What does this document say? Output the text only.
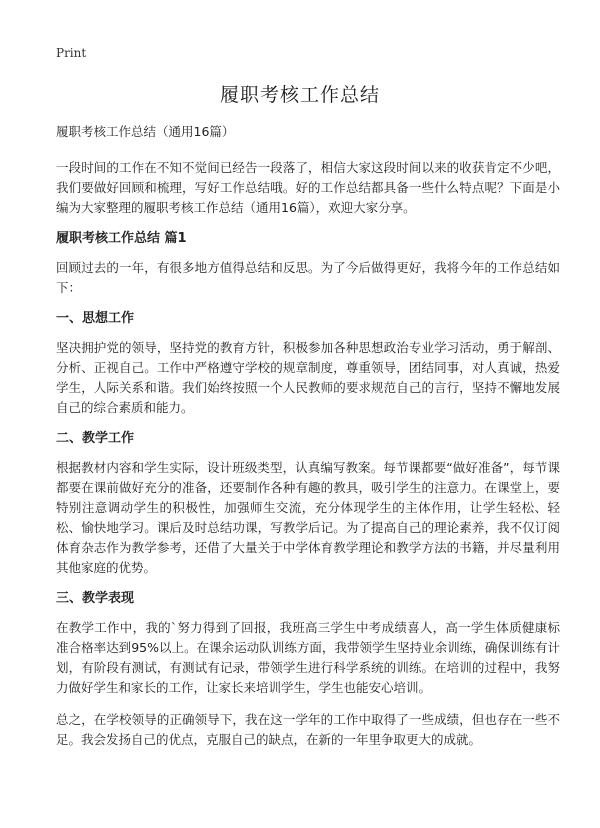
Print
履职考核工作总结
履职考核工作总结（通用16篇）

一段时间的工作在不知不觉间已经告一段落了，相信大家这段时间以来的收获肯定不少吧，我们要做好回顾和梳理，写好工作总结哦。好的工作总结都具备一些什么特点呢？下面是小编为大家整理的履职考核工作总结（通用16篇），欢迎大家分享。

履职考核工作总结 篇1

回顾过去的一年，有很多地方值得总结和反思。为了今后做得更好，我将今年的工作总结如下：

一、思想工作

坚决拥护党的领导，坚持党的教育方针，积极参加各种思想政治专业学习活动，勇于解剖、分析、正视自己。工作中严格遵守学校的规章制度，尊重领导，团结同事，对人真诚，热爱学生，人际关系和谐。我们始终按照一个人民教师的要求规范自己的言行，坚持不懈地发展自己的综合素质和能力。

二、教学工作

根据教材内容和学生实际，设计班级类型，认真编写教案。每节课都要“做好准备”，每节课都要在课前做好充分的准备，还要制作各种有趣的教具，吸引学生的注意力。在课堂上，要特别注意调动学生的积极性，加强师生交流，充分体现学生的主体作用，让学生轻松、轻松、愉快地学习。课后及时总结功课，写教学后记。为了提高自己的理论素养，我不仅订阅体育杂志作为教学参考，还借了大量关于中学体育教学理论和教学方法的书籍，并尽量利用其他家庭的优势。

三、教学表现

在教学工作中，我的`努力得到了回报，我班高三学生中考成绩喜人，高一学生体质健康标准合格率达到95%以上。在课余运动队训练方面，我带领学生坚持业余训练，确保训练有计划，有阶段有测试，有测试有记录，带领学生进行科学系统的训练。在培训的过程中，我努力做好学生和家长的工作，让家长来培训学生，学生也能安心培训。

总之，在学校领导的正确领导下，我在这一学年的工作中取得了一些成绩，但也存在一些不足。我会发扬自己的优点，克服自己的缺点，在新的一年里争取更大的成就。
